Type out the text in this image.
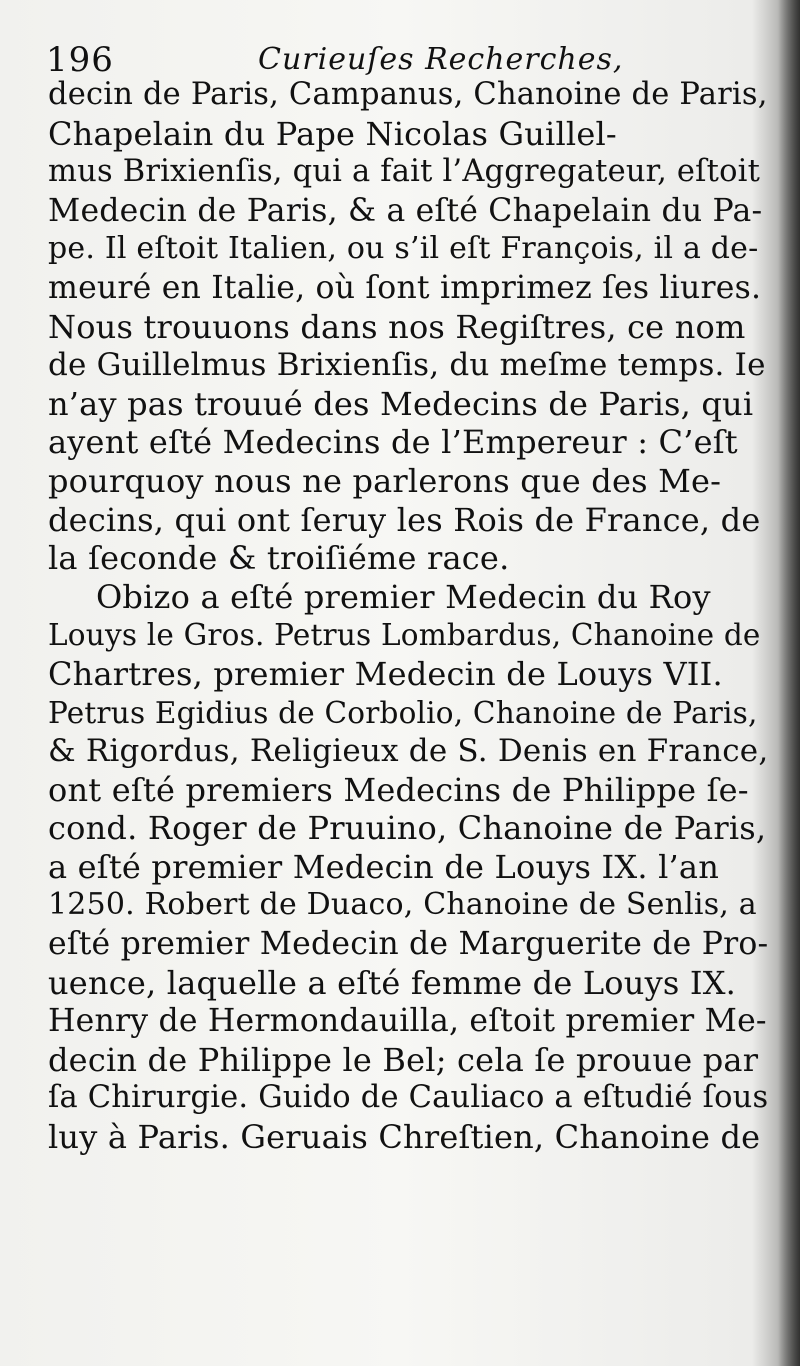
196	Curieuſes Recherches,
decin de Paris, Campanus, Chanoine de Paris,
Chapelain du Pape Nicolas Guillel-
mus Brixienſis, qui a fait l’Aggregateur, eſtoit
Medecin de Paris, & a eſté Chapelain du Pa-
pe. Il eſtoit Italien, ou s’il eſt François, il a de-
meuré en Italie, où ſont imprimez ſes liures.
Nous trouuons dans nos Regiſtres, ce nom
de Guillelmus Brixienſis, du meſme temps. Ie
n’ay pas trouué des Medecins de Paris, qui
ayent eſté Medecins de l’Empereur : C’eſt
pourquoy nous ne parlerons que des Me-
decins, qui ont ſeruy les Rois de France, de
la ſeconde & troiſiéme race.
Obizo a eſté premier Medecin du Roy
Louys le Gros. Petrus Lombardus, Chanoine de
Chartres, premier Medecin de Louys VII.
Petrus Egidius de Corbolio, Chanoine de Paris,
& Rigordus, Religieux de S. Denis en France,
ont eſté premiers Medecins de Philippe ſe-
cond. Roger de Pruuino, Chanoine de Paris,
a eſté premier Medecin de Louys IX. l’an
1250. Robert de Duaco, Chanoine de Senlis, a
eſté premier Medecin de Marguerite de Pro-
uence, laquelle a eſté femme de Louys IX.
Henry de Hermondauilla, eſtoit premier Me-
decin de Philippe le Bel; cela ſe prouue par
ſa Chirurgie. Guido de Cauliaco a eſtudié ſous
luy à Paris. Geruais Chreſtien, Chanoine de
